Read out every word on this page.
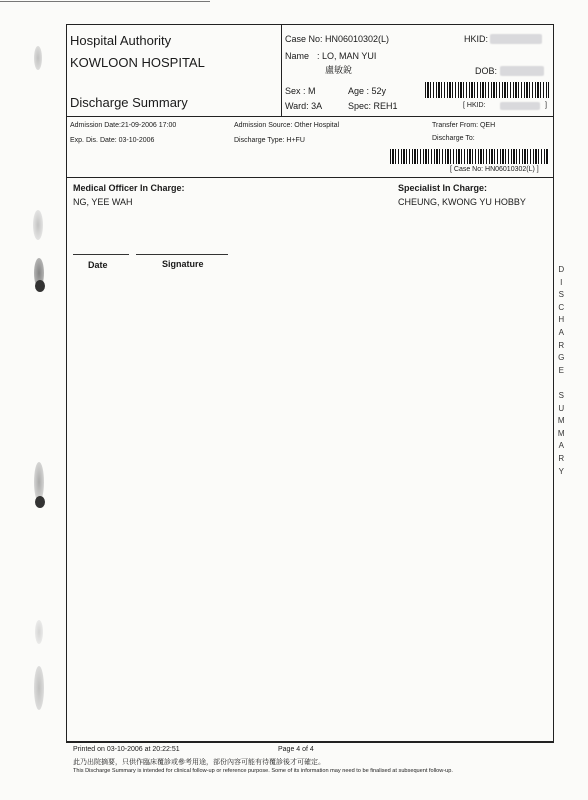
Hospital Authority
KOWLOON HOSPITAL
Discharge Summary
Case No: HN06010302(L)	HKID:
Name : LO, MAN YUI
盧敏銳	DOB:
Sex : M	Age : 52y
Ward: 3A	Spec: REH1	[ HKID:	]
Admission Date:21-09-2006 17:00
Exp. Dis. Date: 03-10-2006
Admission Source: Other Hospital
Discharge Type: H+FU
Transfer From: QEH
Discharge To:
[ Case No: HN06010302(L) ]
Medical Officer In Charge:
NG, YEE WAH
Specialist In Charge:
CHEUNG, KWONG YU HOBBY
Date	Signature
D
I
S
C
H
A
R
G
E

S
U
M
M
A
R
Y
Printed on 03-10-2006 at 20:22:51	Page 4 of 4
此乃出院摘要，只供作臨床覆診或參考用途，部份內容可能有待覆診後才可確定。
This Discharge Summary is intended for clinical follow-up or reference purpose. Some of its information may need to be finalised at subsequent follow-up.
